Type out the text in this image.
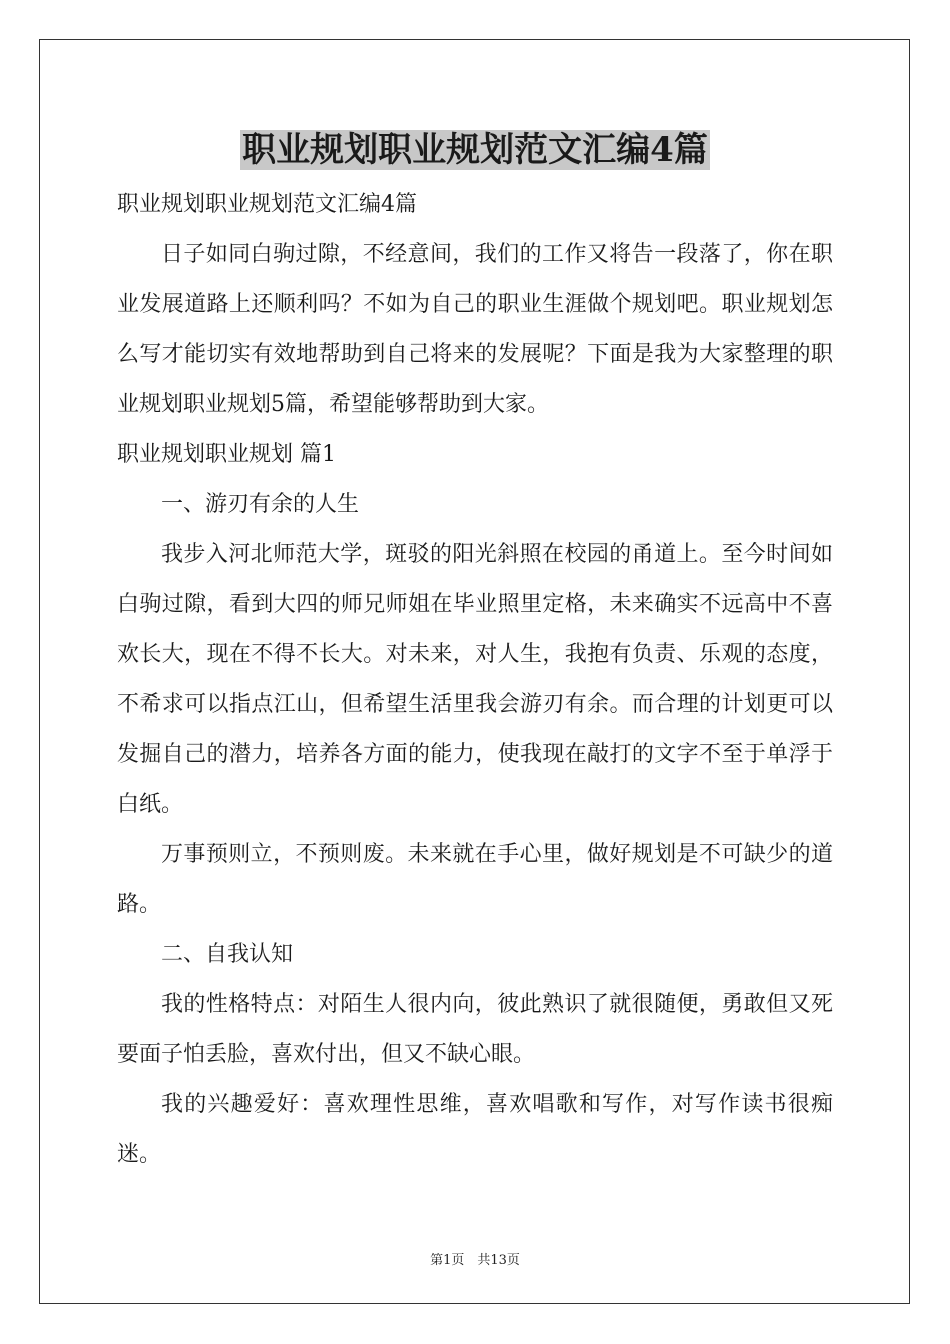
职业规划职业规划范文汇编4篇

职业规划职业规划范文汇编4篇

日子如同白驹过隙，不经意间，我们的工作又将告一段落了，你在职业发展道路上还顺利吗？不如为自己的职业生涯做个规划吧。职业规划怎么写才能切实有效地帮助到自己将来的发展呢？下面是我为大家整理的职业规划职业规划5篇，希望能够帮助到大家。

职业规划职业规划 篇1

一、游刃有余的人生

我步入河北师范大学，斑驳的阳光斜照在校园的甬道上。至今时间如白驹过隙，看到大四的师兄师姐在毕业照里定格，未来确实不远高中不喜欢长大，现在不得不长大。对未来，对人生，我抱有负责、乐观的态度，不希求可以指点江山，但希望生活里我会游刃有余。而合理的计划更可以发掘自己的潜力，培养各方面的能力，使我现在敲打的文字不至于单浮于白纸。

万事预则立，不预则废。未来就在手心里，做好规划是不可缺少的道路。

二、自我认知

我的性格特点：对陌生人很内向，彼此熟识了就很随便，勇敢但又死要面子怕丢脸，喜欢付出，但又不缺心眼。

我的兴趣爱好：喜欢理性思维，喜欢唱歌和写作，对写作读书很痴迷。

第1页　共13页
